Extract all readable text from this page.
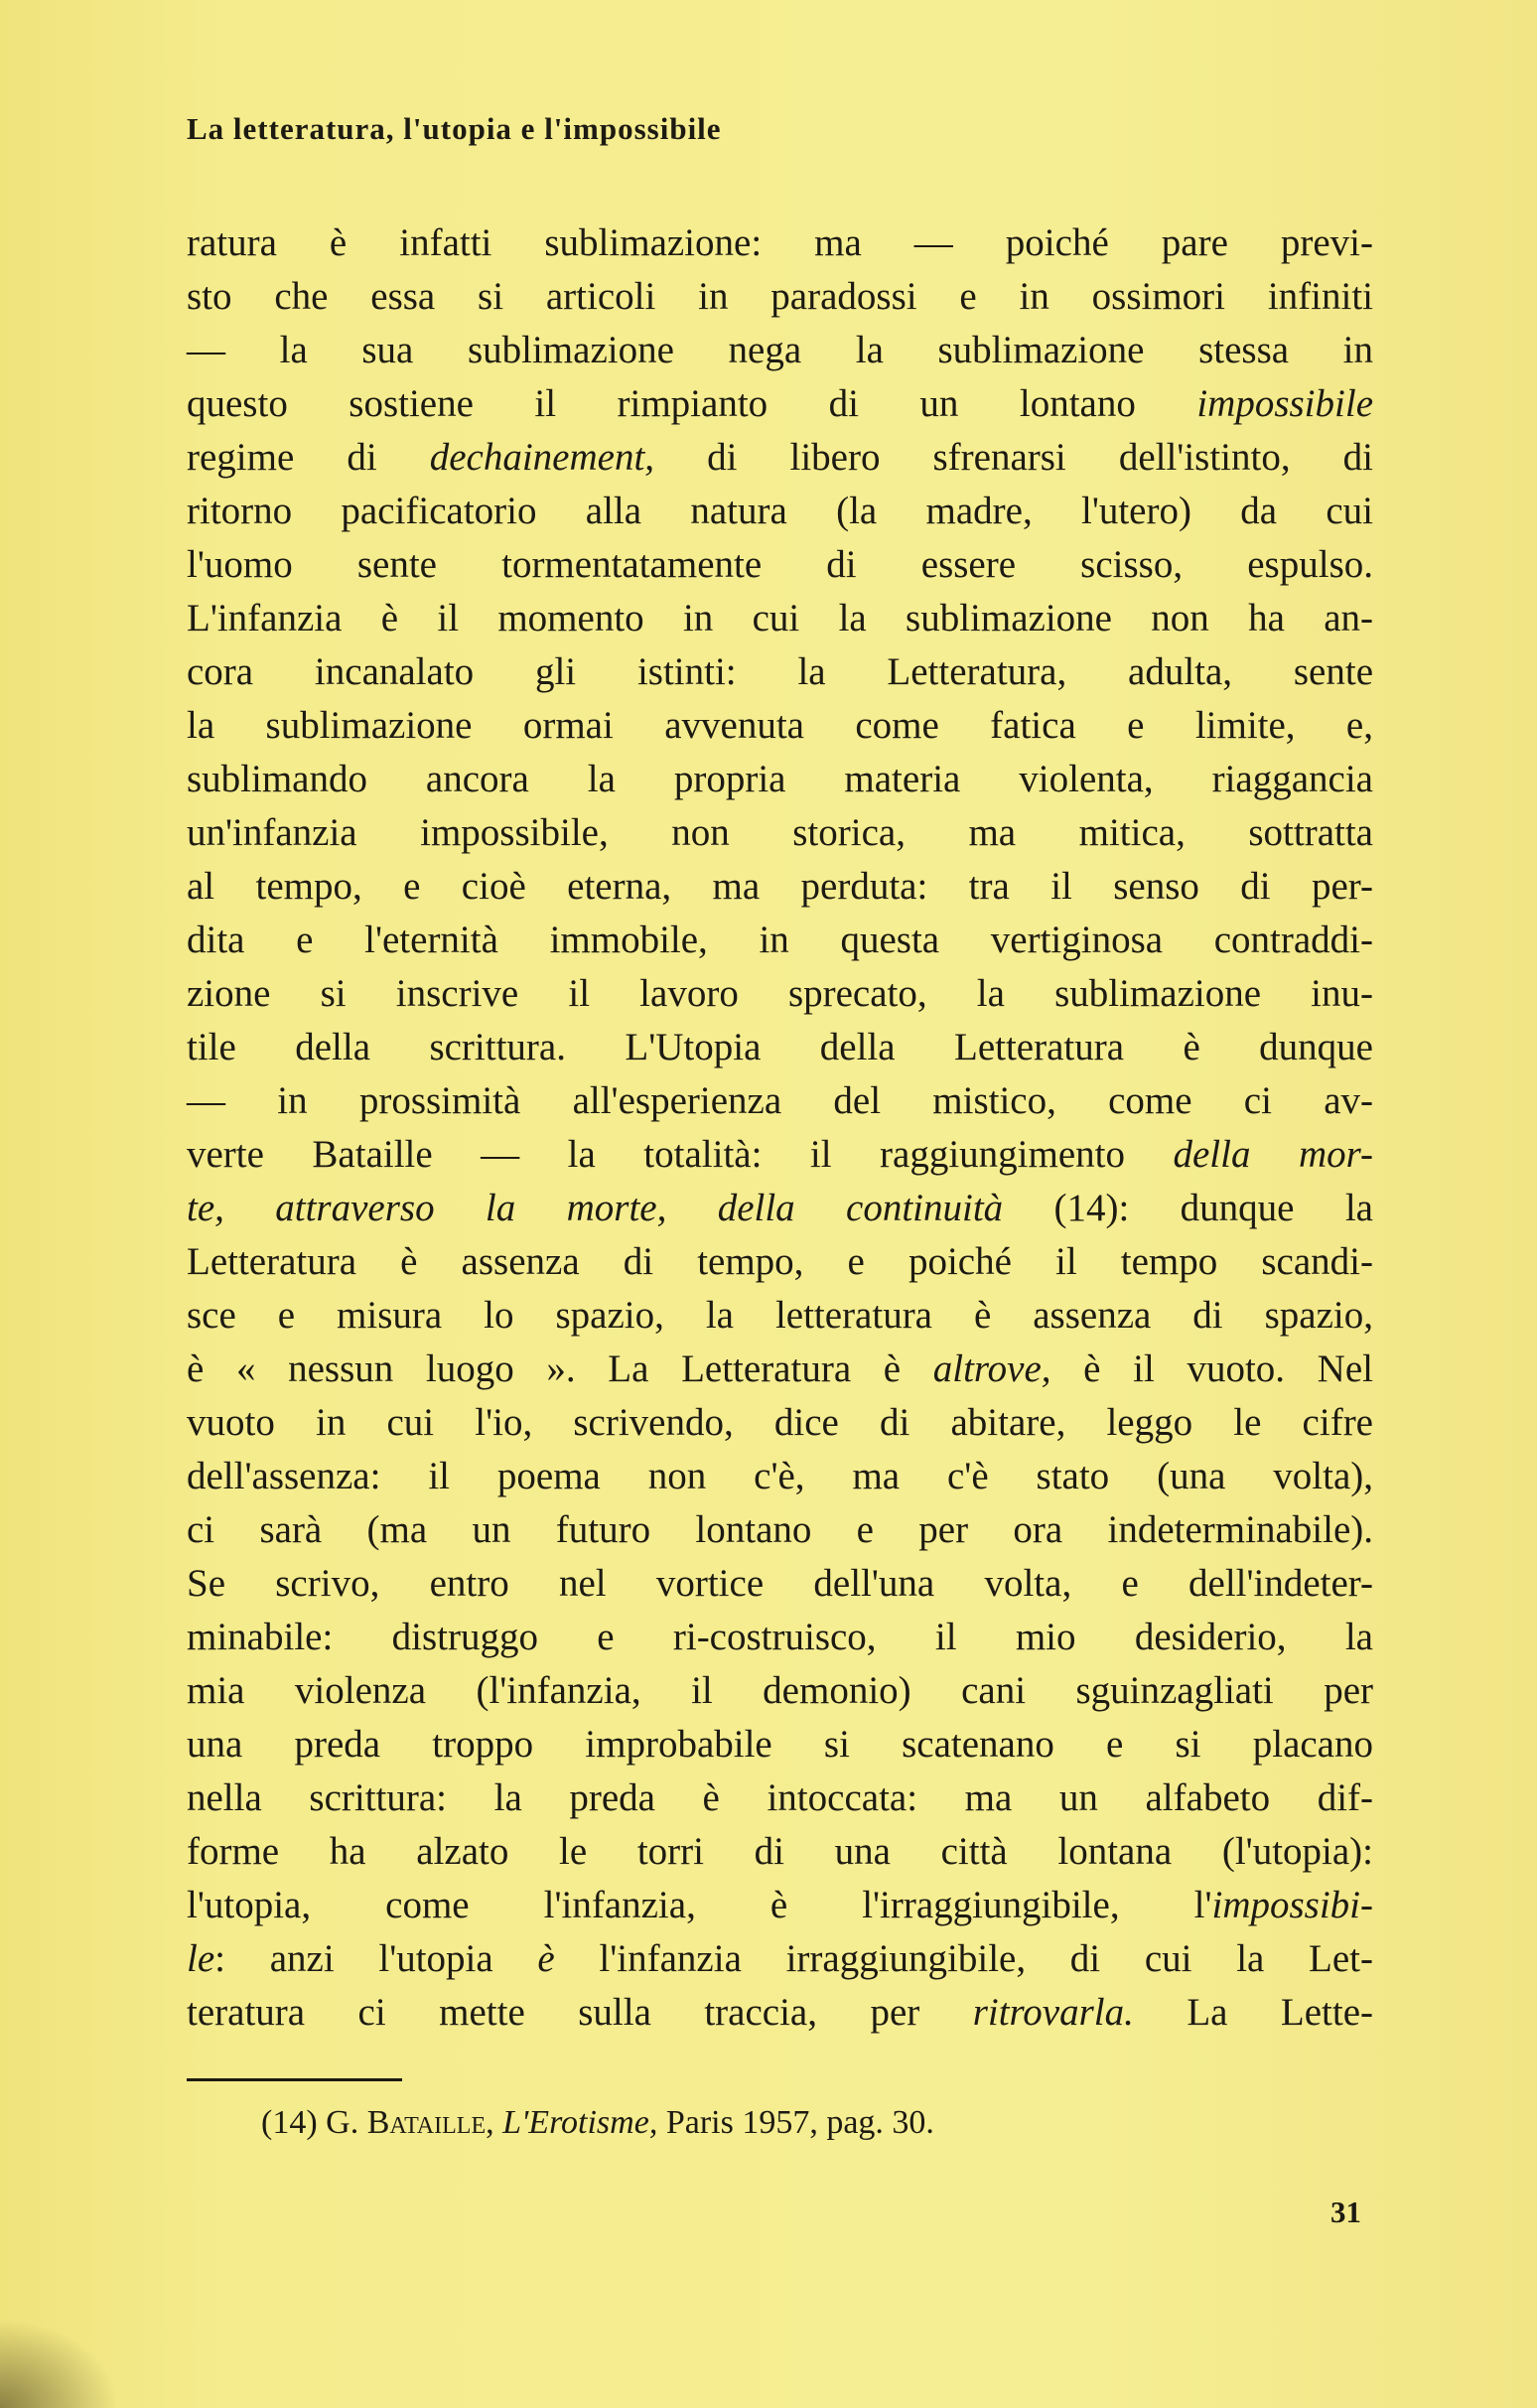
La letteratura, l'utopia e l'impossibile
ratura è infatti sublimazione: ma — poiché pare previ-
sto che essa si articoli in paradossi e in ossimori infiniti
— la sua sublimazione nega la sublimazione stessa in
questo sostiene il rimpianto di un lontano impossibile
regime di dechainement, di libero sfrenarsi dell'istinto, di
ritorno pacificatorio alla natura (la madre, l'utero) da cui
l'uomo sente tormentatamente di essere scisso, espulso.
L'infanzia è il momento in cui la sublimazione non ha an-
cora incanalato gli istinti: la Letteratura, adulta, sente
la sublimazione ormai avvenuta come fatica e limite, e,
sublimando ancora la propria materia violenta, riaggancia
un'infanzia impossibile, non storica, ma mitica, sottratta
al tempo, e cioè eterna, ma perduta: tra il senso di per-
dita e l'eternità immobile, in questa vertiginosa contraddi-
zione si inscrive il lavoro sprecato, la sublimazione inu-
tile della scrittura. L'Utopia della Letteratura è dunque
— in prossimità all'esperienza del mistico, come ci av-
verte Bataille — la totalità: il raggiungimento della mor-
te, attraverso la morte, della continuità (14): dunque la
Letteratura è assenza di tempo, e poiché il tempo scandi-
sce e misura lo spazio, la letteratura è assenza di spazio,
è « nessun luogo ». La Letteratura è altrove, è il vuoto. Nel
vuoto in cui l'io, scrivendo, dice di abitare, leggo le cifre
dell'assenza: il poema non c'è, ma c'è stato (una volta),
ci sarà (ma un futuro lontano e per ora indeterminabile).
Se scrivo, entro nel vortice dell'una volta, e dell'indeter-
minabile: distruggo e ri-costruisco, il mio desiderio, la
mia violenza (l'infanzia, il demonio) cani sguinzagliati per
una preda troppo improbabile si scatenano e si placano
nella scrittura: la preda è intoccata: ma un alfabeto dif-
forme ha alzato le torri di una città lontana (l'utopia):
l'utopia, come l'infanzia, è l'irraggiungibile, l'impossibi-
le: anzi l'utopia è l'infanzia irraggiungibile, di cui la Let-
teratura ci mette sulla traccia, per ritrovarla. La Lette-
(14) G. Bataille, L'Erotisme, Paris 1957, pag. 30.
31
